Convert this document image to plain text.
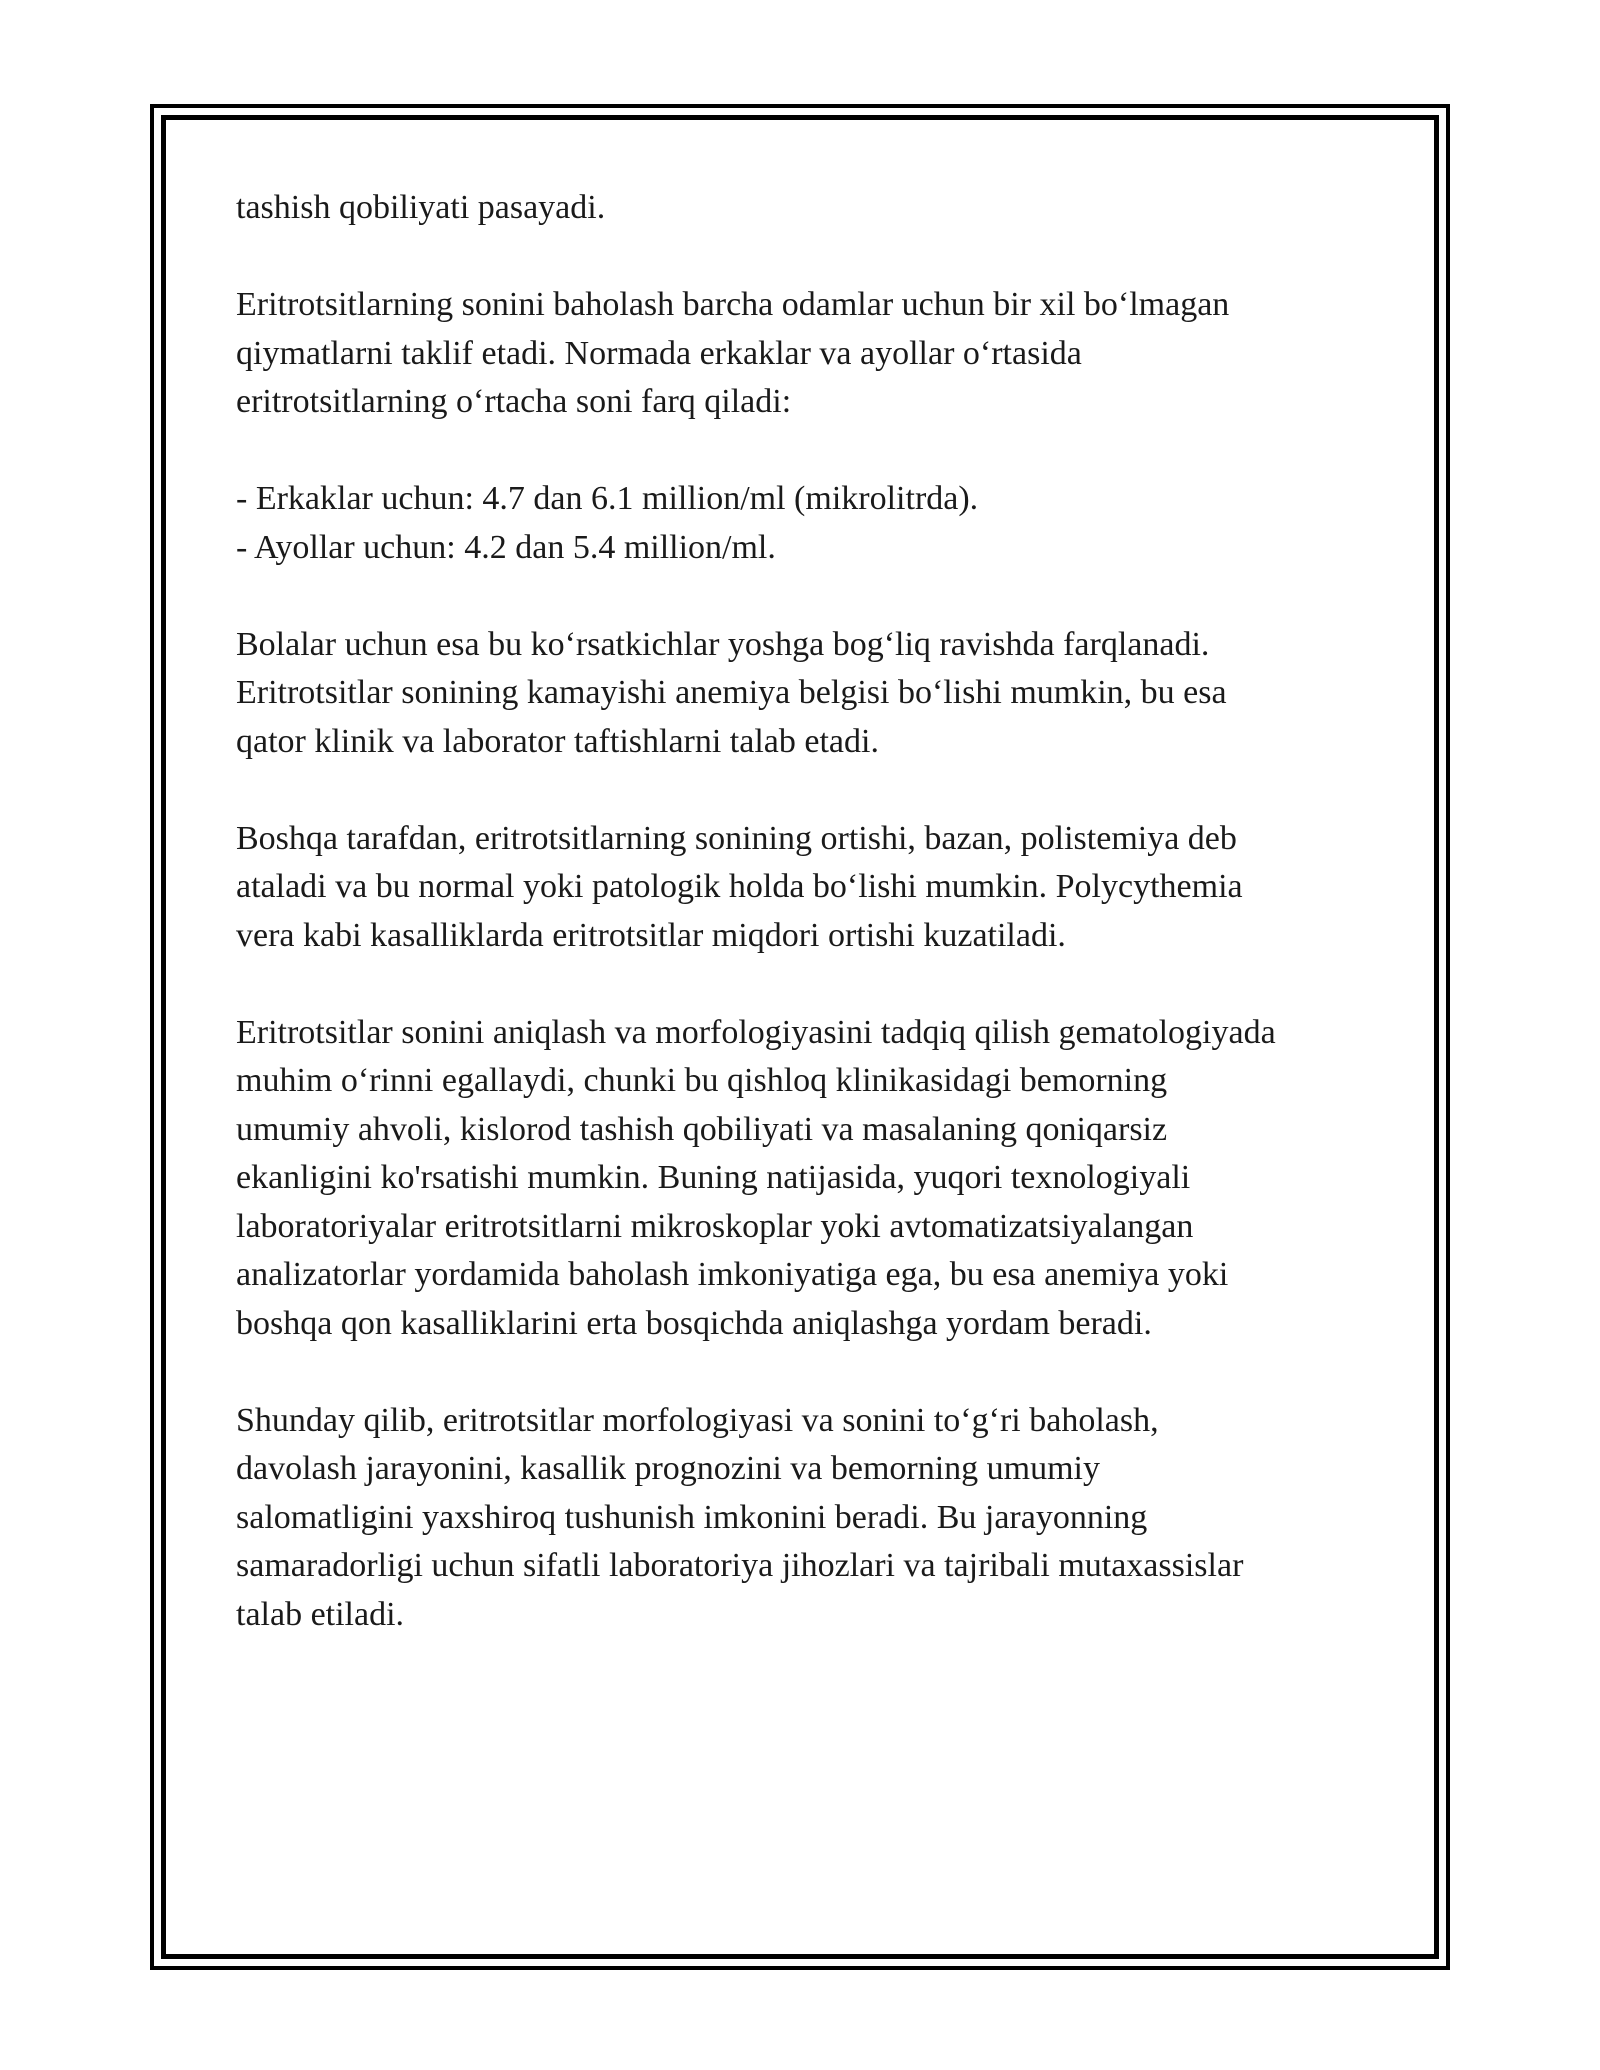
tashish qobiliyati pasayadi.

Eritrotsitlarning sonini baholash barcha odamlar uchun bir xil bo‘lmagan
qiymatlarni taklif etadi. Normada erkaklar va ayollar o‘rtasida
eritrotsitlarning o‘rtacha soni farq qiladi:

- Erkaklar uchun: 4.7 dan 6.1 million/ml (mikrolitrda).
- Ayollar uchun: 4.2 dan 5.4 million/ml.

Bolalar uchun esa bu ko‘rsatkichlar yoshga bog‘liq ravishda farqlanadi.
Eritrotsitlar sonining kamayishi anemiya belgisi bo‘lishi mumkin, bu esa
qator klinik va laborator taftishlarni talab etadi.

Boshqa tarafdan, eritrotsitlarning sonining ortishi, bazan, polistemiya deb
ataladi va bu normal yoki patologik holda bo‘lishi mumkin. Polycythemia
vera kabi kasalliklarda eritrotsitlar miqdori ortishi kuzatiladi.

Eritrotsitlar sonini aniqlash va morfologiyasini tadqiq qilish gematologiyada
muhim o‘rinni egallaydi, chunki bu qishloq klinikasidagi bemorning
umumiy ahvoli, kislorod tashish qobiliyati va masalaning qoniqarsiz
ekanligini ko'rsatishi mumkin. Buning natijasida, yuqori texnologiyali
laboratoriyalar eritrotsitlarni mikroskoplar yoki avtomatizatsiyalangan
analizatorlar yordamida baholash imkoniyatiga ega, bu esa anemiya yoki
boshqa qon kasalliklarini erta bosqichda aniqlashga yordam beradi.

Shunday qilib, eritrotsitlar morfologiyasi va sonini to‘g‘ri baholash,
davolash jarayonini, kasallik prognozini va bemorning umumiy
salomatligini yaxshiroq tushunish imkonini beradi. Bu jarayonning
samaradorligi uchun sifatli laboratoriya jihozlari va tajribali mutaxassislar
talab etiladi.
